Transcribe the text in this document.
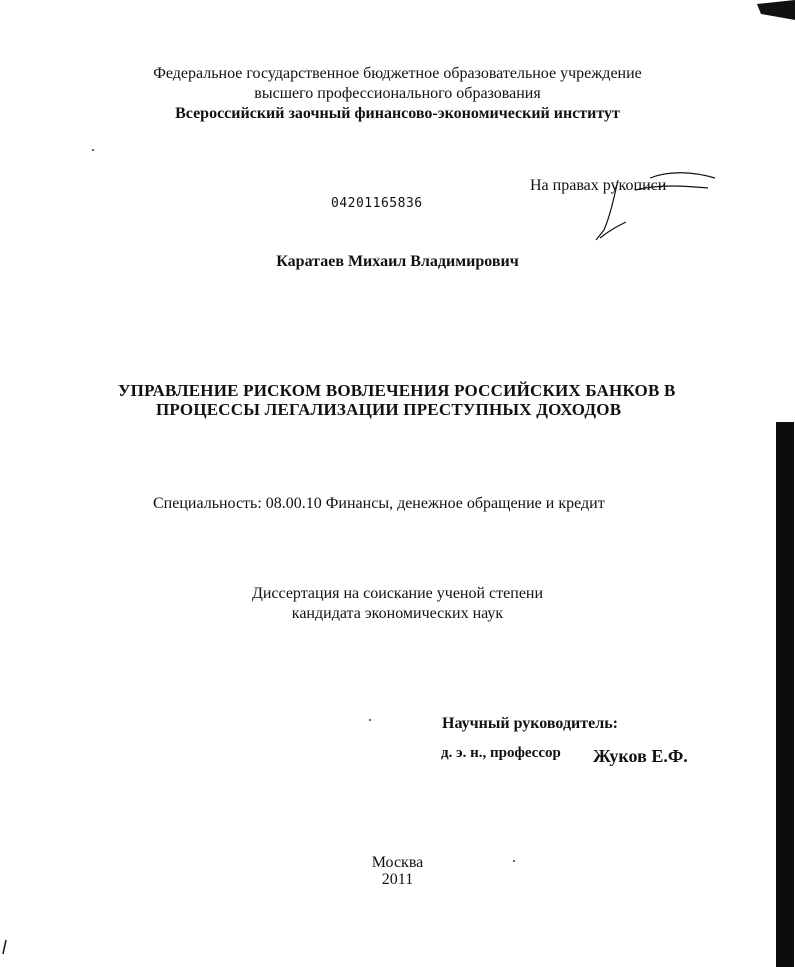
Федеральное государственное бюджетное образовательное учреждение
высшего профессионального образования
Всероссийский заочный финансово-экономический институт
На правах рукописи
04201165836
Каратаев Михаил Владимирович
УПРАВЛЕНИЕ РИСКОМ ВОВЛЕЧЕНИЯ РОССИЙСКИХ БАНКОВ В
ПРОЦЕССЫ ЛЕГАЛИЗАЦИИ ПРЕСТУПНЫХ ДОХОДОВ
Специальность: 08.00.10 Финансы, денежное обращение и кредит
Диссертация на соискание ученой степени
кандидата экономических наук
Научный руководитель:
д. э. н., профессор Жуков Е.Ф.
Москва
2011
